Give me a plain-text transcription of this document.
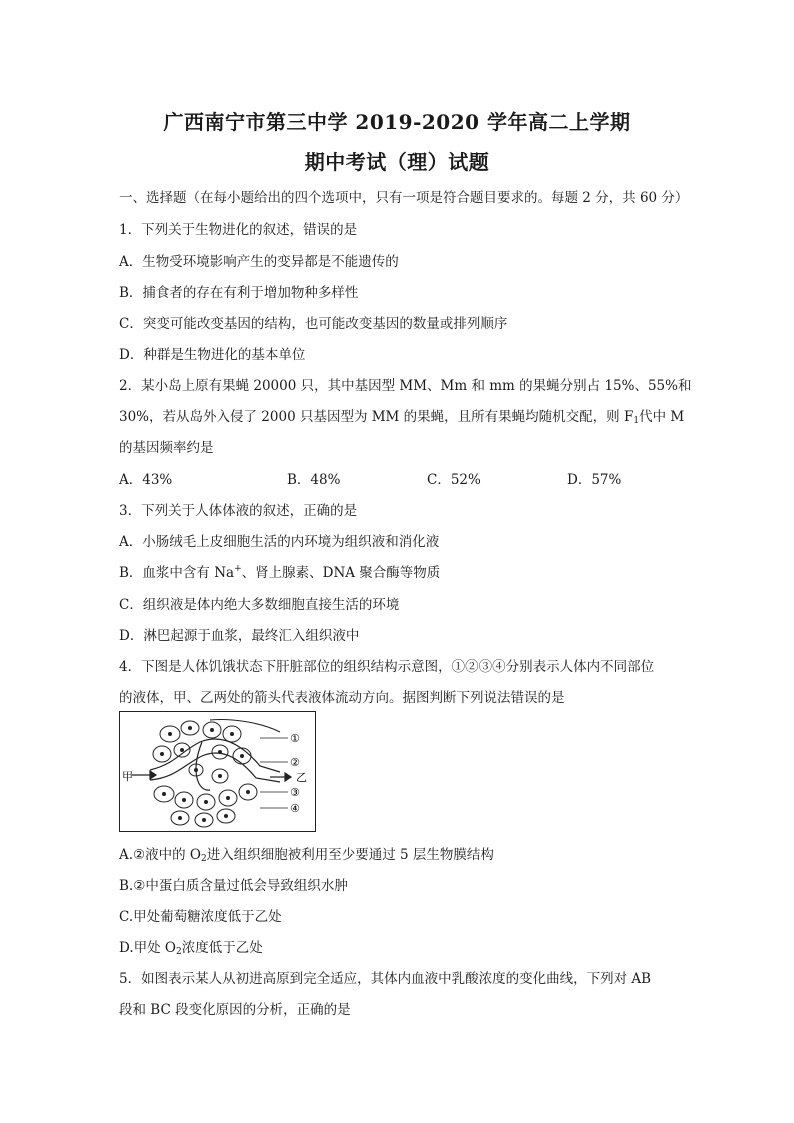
广西南宁市第三中学 2019-2020 学年高二上学期
期中考试（理）试题
一、选择题（在每小题给出的四个选项中，只有一项是符合题目要求的。每题 2 分，共 60 分）
1．下列关于生物进化的叙述，错误的是
A．生物受环境影响产生的变异都是不能遗传的
B．捕食者的存在有利于增加物种多样性
C．突变可能改变基因的结构，也可能改变基因的数量或排列顺序
D．种群是生物进化的基本单位
2．某小岛上原有果蝇 20000 只，其中基因型 MM、Mm 和 mm 的果蝇分别占 15%、55%和
30%，若从岛外入侵了 2000 只基因型为 MM 的果蝇，且所有果蝇均随机交配，则 $F_1$代中 M
的基因频率约是
A．43%	B．48%	C．52%	D．57%
3．下列关于人体体液的叙述，正确的是
A．小肠绒毛上皮细胞生活的内环境为组织液和消化液
B．血浆中含有 Na+、肾上腺素、DNA 聚合酶等物质
C．组织液是体内绝大多数细胞直接生活的环境
D．淋巴起源于血浆，最终汇入组织液中
4．下图是人体饥饿状态下肝脏部位的组织结构示意图，①②③④分别表示人体内不同部位
的液体，甲、乙两处的箭头代表液体流动方向。据图判断下列说法错误的是
甲	乙
①
②
③
④
A.②液中的 $O_2$进入组织细胞被利用至少要通过 5 层生物膜结构
B.②中蛋白质含量过低会导致组织水肿
C.甲处葡萄糖浓度低于乙处
D.甲处 $O_2$浓度低于乙处
5．如图表示某人从初进高原到完全适应，其体内血液中乳酸浓度的变化曲线，下列对 AB
段和 BC 段变化原因的分析，正确的是
